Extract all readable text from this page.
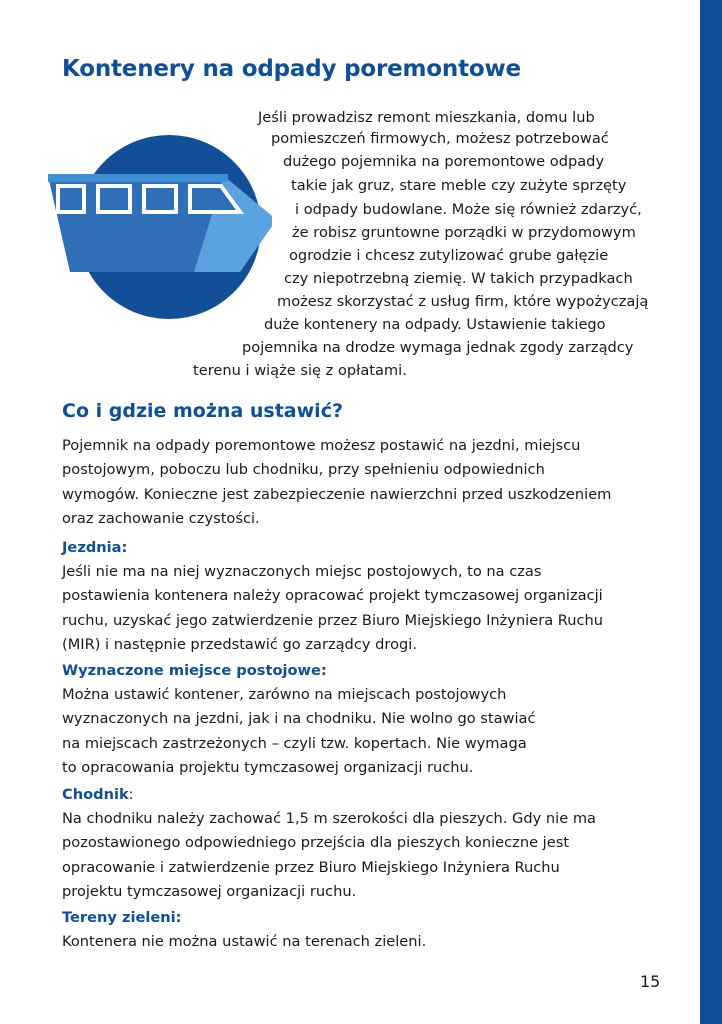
Kontenery na odpady poremontowe
Jeśli prowadzisz remont mieszkania, domu lub
pomieszczeń firmowych, możesz potrzebować
dużego pojemnika na poremontowe odpady
takie jak gruz, stare meble czy zużyte sprzęty
i odpady budowlane. Może się również zdarzyć,
że robisz gruntowne porządki w przydomowym
ogrodzie i chcesz zutylizować grube gałęzie
czy niepotrzebną ziemię. W takich przypadkach
możesz skorzystać z usług firm, które wypożyczają
duże kontenery na odpady. Ustawienie takiego
pojemnika na drodze wymaga jednak zgody zarządcy
terenu i wiąże się z opłatami.
Co i gdzie można ustawić?

Pojemnik na odpady poremontowe możesz postawić na jezdni, miejscu
postojowym, poboczu lub chodniku, przy spełnieniu odpowiednich
wymogów. Konieczne jest zabezpieczenie nawierzchni przed uszkodzeniem
oraz zachowanie czystości.

Jezdnia:

Jeśli nie ma na niej wyznaczonych miejsc postojowych, to na czas
postawienia kontenera należy opracować projekt tymczasowej organizacji
ruchu, uzyskać jego zatwierdzenie przez Biuro Miejskiego Inżyniera Ruchu
(MIR) i następnie przedstawić go zarządcy drogi.

Wyznaczone miejsce postojowe:

Można ustawić kontener, zarówno na miejscach postojowych
wyznaczonych na jezdni, jak i na chodniku. Nie wolno go stawiać
na miejscach zastrzeżonych – czyli tzw. kopertach. Nie wymaga
to opracowania projektu tymczasowej organizacji ruchu.

Chodnik:

Na chodniku należy zachować 1,5 m szerokości dla pieszych. Gdy nie ma
pozostawionego odpowiedniego przejścia dla pieszych konieczne jest
opracowanie i zatwierdzenie przez Biuro Miejskiego Inżyniera Ruchu
projektu tymczasowej organizacji ruchu.

Tereny zieleni:

Kontenera nie można ustawić na terenach zieleni.

15
